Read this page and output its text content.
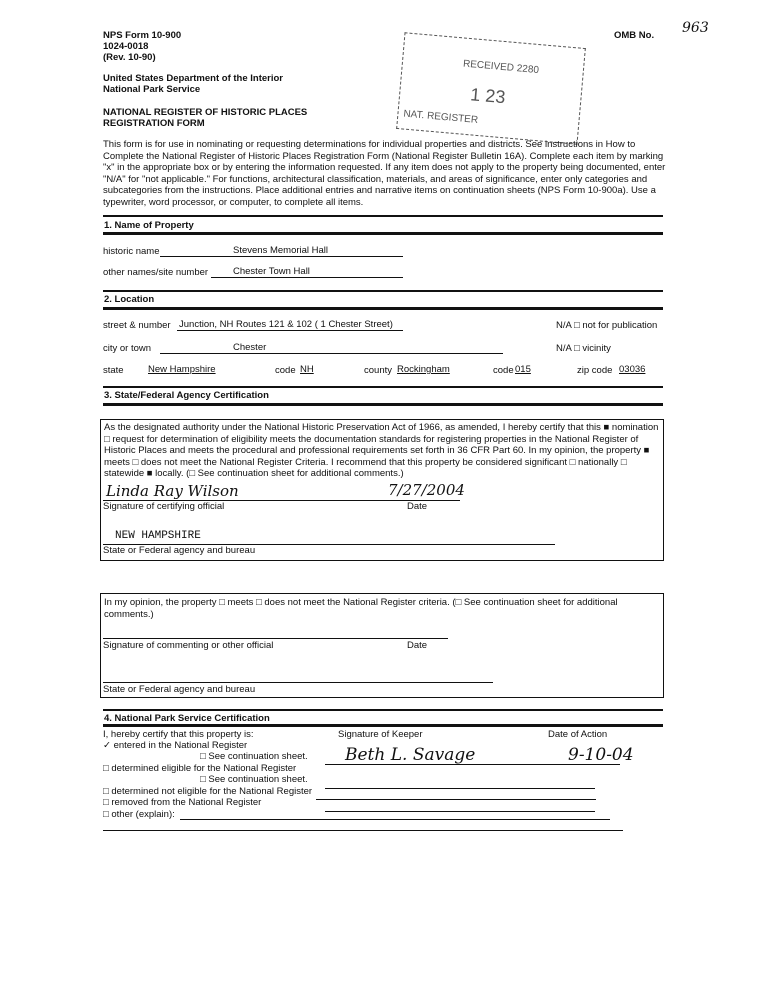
NPS Form 10-900
1024-0018
(Rev. 10-90)
OMB No. 963
United States Department of the Interior
National Park Service
NATIONAL REGISTER OF HISTORIC PLACES
REGISTRATION FORM
RECEIVED 2280
1 23
NAT. REGISTER
This form is for use in nominating or requesting determinations for individual properties and districts. See instructions in How to Complete the National Register of Historic Places Registration Form (National Register Bulletin 16A). Complete each item by marking "x" in the appropriate box or by entering the information requested. If any item does not apply to the property being documented, enter "N/A" for "not applicable." For functions, architectural classification, materials, and areas of significance, enter only categories and subcategories from the instructions. Place additional entries and narrative items on continuation sheets (NPS Form 10-900a). Use a typewriter, word processor, or computer, to complete all items.
1. Name of Property
historic name	Stevens Memorial Hall
other names/site number	Chester Town Hall
2. Location
street & number Junction, NH Routes 121 & 102 ( 1 Chester Street)	N/A □ not for publication
city or town	Chester	N/A □ vicinity
state	New Hampshire	code NH	county Rockingham	code 015	zip code 03036
3. State/Federal Agency Certification
As the designated authority under the National Historic Preservation Act of 1966, as amended, I hereby certify that this ■ nomination □ request for determination of eligibility meets the documentation standards for registering properties in the National Register of Historic Places and meets the procedural and professional requirements set forth in 36 CFR Part 60. In my opinion, the property ■ meets □ does not meet the National Register Criteria. I recommend that this property be considered significant □ nationally □ statewide ■ locally. (□ See continuation sheet for additional comments.)
Linda Ray Wilson	7/27/2004
Signature of certifying official	Date
NEW HAMPSHIRE
State or Federal agency and bureau
In my opinion, the property □ meets □ does not meet the National Register criteria. (□ See continuation sheet for additional comments.)
Signature of commenting or other official	Date
State or Federal agency and bureau
4. National Park Service Certification
I, hereby certify that this property is:
✓ entered in the National Register
□ See continuation sheet.
□ determined eligible for the National Register
□ See continuation sheet.
□ determined not eligible for the National Register
□ removed from the National Register
□ other (explain):
Signature of Keeper	Date of Action
Beth L. Savage	9-10-04
